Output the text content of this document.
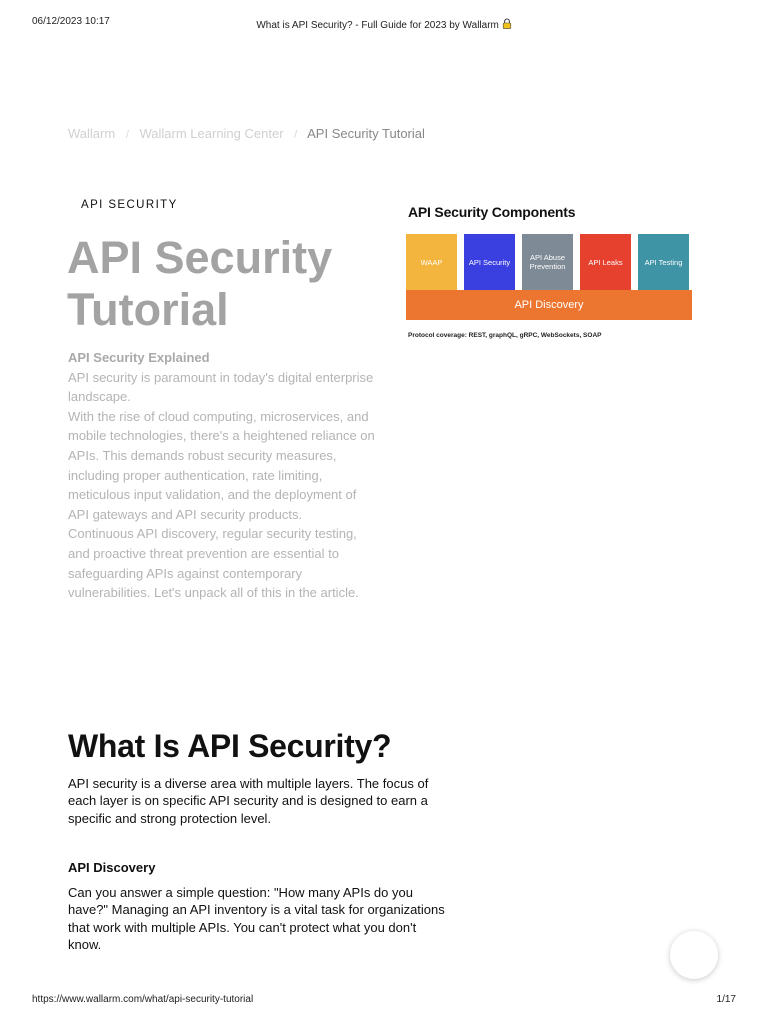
06/12/2023 10:17	What is API Security? - Full Guide for 2023 by Wallarm
Wallarm / Wallarm Learning Center / API Security Tutorial
API SECURITY
API Security Tutorial
API Security Explained

API security is paramount in today's digital enterprise landscape.

With the rise of cloud computing, microservices, and mobile technologies, there's a heightened reliance on APIs. This demands robust security measures, including proper authentication, rate limiting, meticulous input validation, and the deployment of API gateways and API security products.

Continuous API discovery, regular security testing, and proactive threat prevention are essential to safeguarding APIs against contemporary vulnerabilities. Let's unpack all of this in the article.

API Security Components
WAAP	API Security	API Abuse Prevention	API Leaks	API Testing
API Discovery
Protocol coverage: REST, graphQL, gRPC, WebSockets, SOAP
What Is API Security?

API security is a diverse area with multiple layers. The focus of each layer is on specific API security and is designed to earn a specific and strong protection level.

API Discovery

Can you answer a simple question: "How many APIs do you have?" Managing an API inventory is a vital task for organizations that work with multiple APIs. You can't protect what you don't know.

https://www.wallarm.com/what/api-security-tutorial	1/17
